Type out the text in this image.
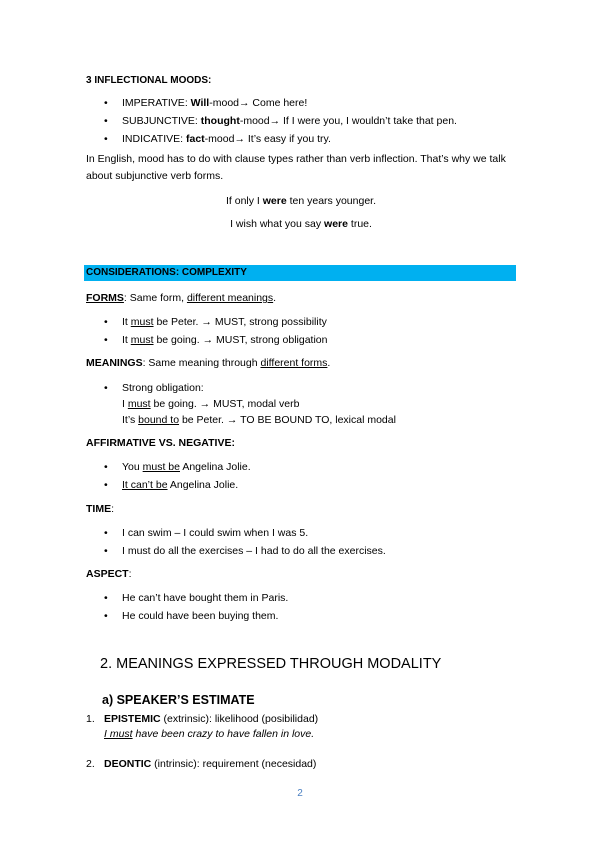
3 INFLECTIONAL MOODS:
• IMPERATIVE: Will-mood→ Come here!
• SUBJUNCTIVE: thought-mood→ If I were you, I wouldn’t take that pen.
• INDICATIVE: fact-mood→ It’s easy if you try.
In English, mood has to do with clause types rather than verb inflection. That’s why we talk about subjunctive verb forms.
If only I were ten years younger.
I wish what you say were true.
CONSIDERATIONS: COMPLEXITY
FORMS: Same form, different meanings.
• It must be Peter. → MUST, strong possibility
• It must be going. → MUST, strong obligation
MEANINGS: Same meaning through different forms.
• Strong obligation:
I must be going. → MUST, modal verb
It’s bound to be Peter. → TO BE BOUND TO, lexical modal
AFFIRMATIVE VS. NEGATIVE:
• You must be Angelina Jolie.
• It can’t be Angelina Jolie.
TIME:
• I can swim – I could swim when I was 5.
• I must do all the exercises – I had to do all the exercises.
ASPECT:
• He can’t have bought them in Paris.
• He could have been buying them.
2. MEANINGS EXPRESSED THROUGH MODALITY
a) SPEAKER’S ESTIMATE
1. EPISTEMIC (extrinsic): likelihood (posibilidad)
I must have been crazy to have fallen in love.
2. DEONTIC (intrinsic): requirement (necesidad)
2
